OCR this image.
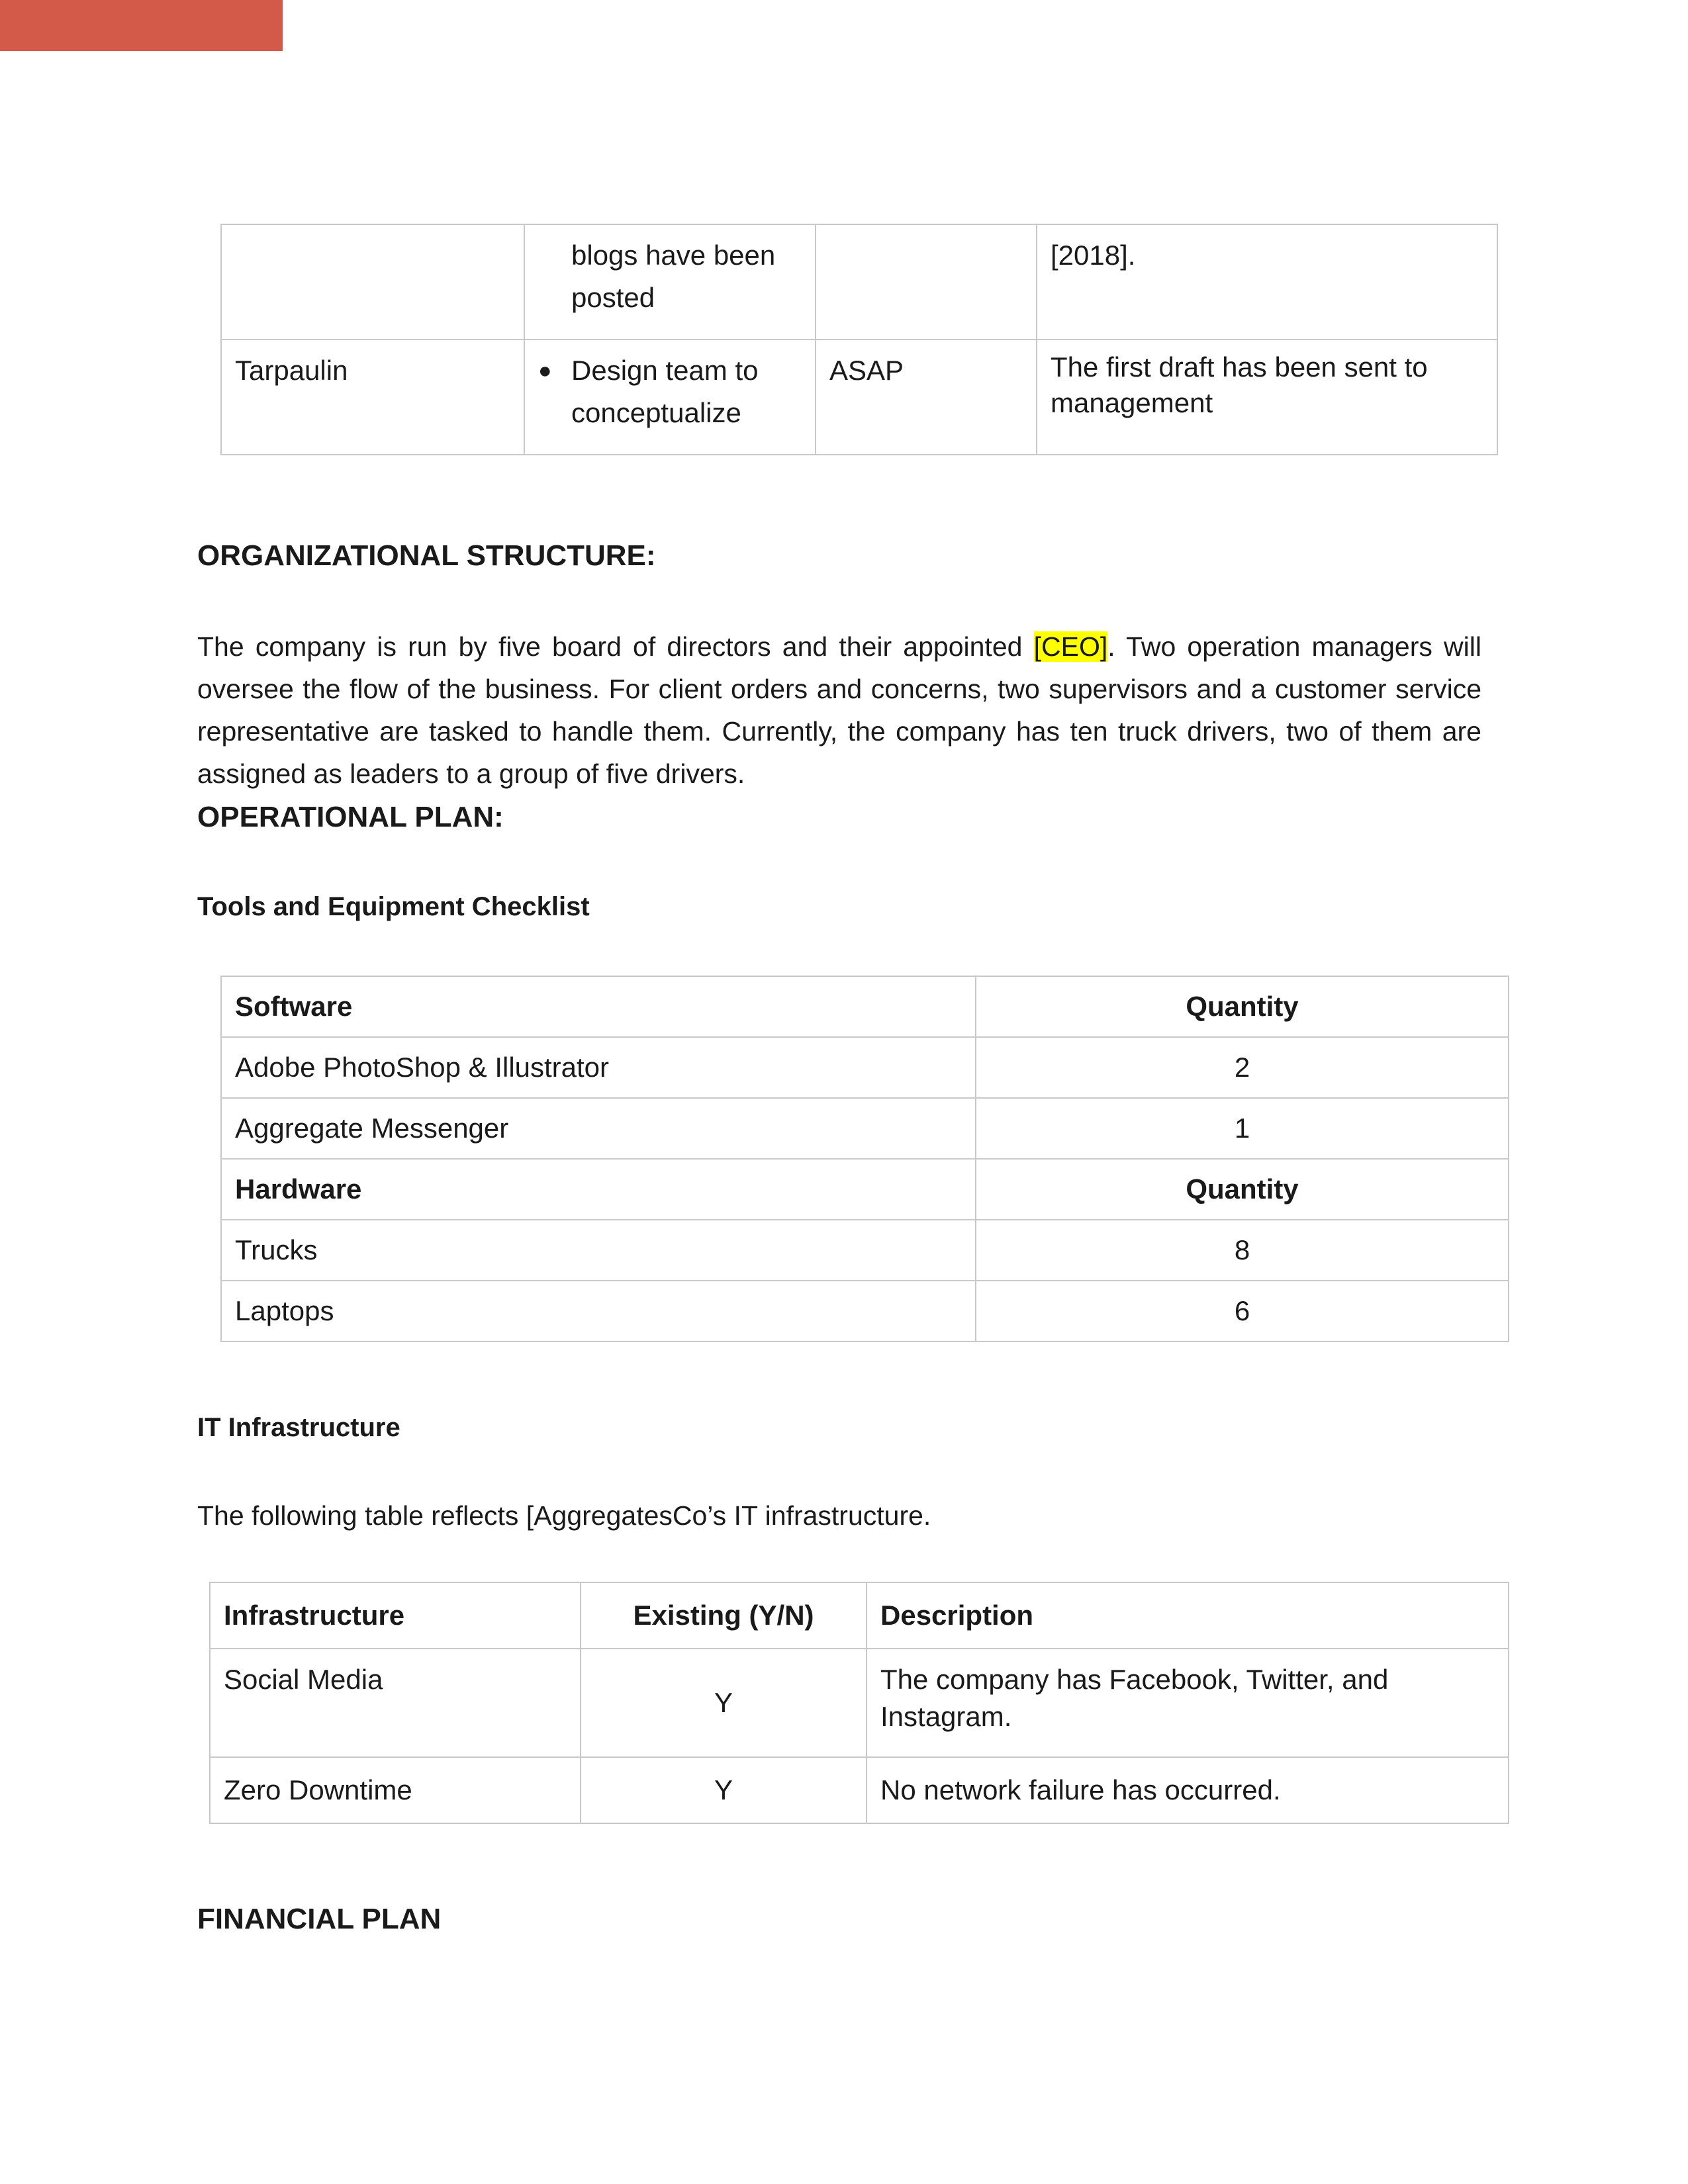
	blogs have been posted		[2018].
Tarpaulin	● Design team to conceptualize	ASAP	The first draft has been sent to management
ORGANIZATIONAL STRUCTURE:

The company is run by five board of directors and their appointed [CEO]. Two operation managers will oversee the flow of the business. For client orders and concerns, two supervisors and a customer service representative are tasked to handle them. Currently, the company has ten truck drivers, two of them are assigned as leaders to a group of five drivers.

OPERATIONAL PLAN:
Tools and Equipment Checklist
Software	Quantity
Adobe PhotoShop & Illustrator	2
Aggregate Messenger	1
Hardware	Quantity
Trucks	8
Laptops	6
IT Infrastructure

The following table reflects [AggregatesCo’s IT infrastructure.

Infrastructure	Existing (Y/N)	Description
Social Media	Y	The company has Facebook, Twitter, and Instagram.
Zero Downtime	Y	No network failure has occurred.
FINANCIAL PLAN
